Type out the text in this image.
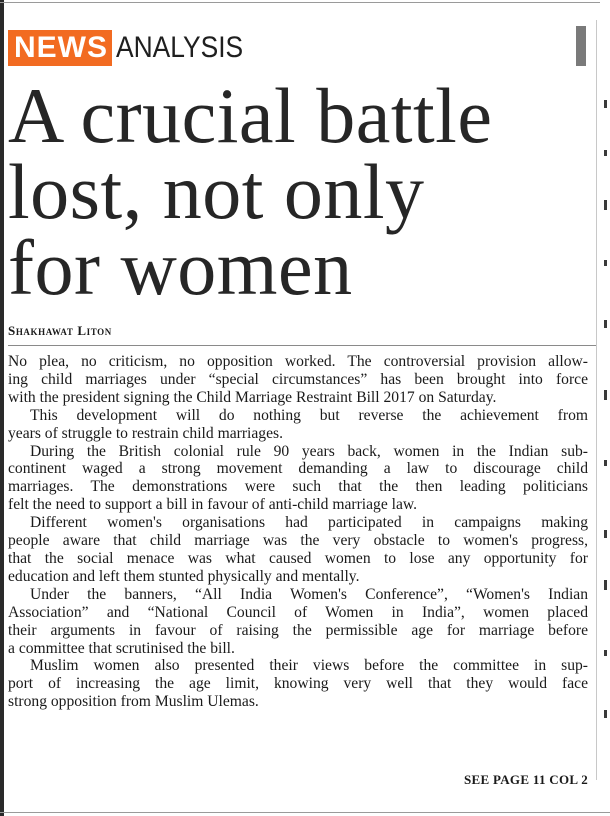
NEWS ANALYSIS
A crucial battle
lost, not only
for women
Shakhawat Liton

No plea, no criticism, no opposition worked. The controversial provision allow-
ing child marriages under “special circumstances” has been brought into force
with the president signing the Child Marriage Restraint Bill 2017 on Saturday.

This development will do nothing but reverse the achievement from
years of struggle to restrain child marriages.

During the British colonial rule 90 years back, women in the Indian sub-
continent waged a strong movement demanding a law to discourage child
marriages. The demonstrations were such that the then leading politicians
felt the need to support a bill in favour of anti-child marriage law.

Different women's organisations had participated in campaigns making
people aware that child marriage was the very obstacle to women's progress,
that the social menace was what caused women to lose any opportunity for
education and left them stunted physically and mentally.

Under the banners, “All India Women's Conference”, “Women's Indian
Association” and “National Council of Women in India”, women placed
their arguments in favour of raising the permissible age for marriage before
a committee that scrutinised the bill.

Muslim women also presented their views before the committee in sup-
port of increasing the age limit, knowing very well that they would face
strong opposition from Muslim Ulemas.

SEE PAGE 11 COL 2
